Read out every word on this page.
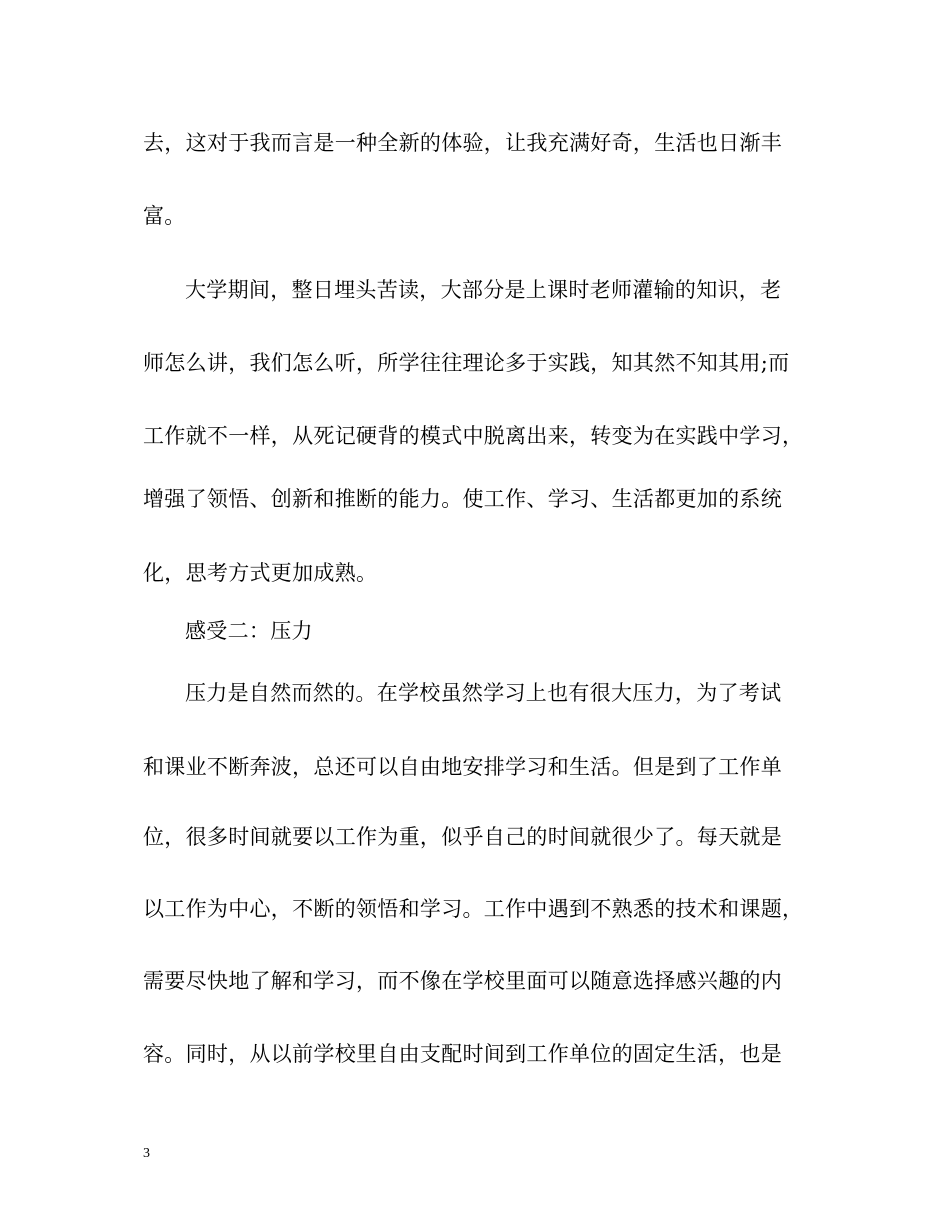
去，这对于我而言是一种全新的体验，让我充满好奇，生活也日渐丰
富。
大学期间，整日埋头苦读，大部分是上课时老师灌输的知识，老
师怎么讲，我们怎么听，所学往往理论多于实践，知其然不知其用;而
工作就不一样，从死记硬背的模式中脱离出来，转变为在实践中学习，
增强了领悟、创新和推断的能力。使工作、学习、生活都更加的系统
化，思考方式更加成熟。
感受二：压力
压力是自然而然的。在学校虽然学习上也有很大压力，为了考试
和课业不断奔波，总还可以自由地安排学习和生活。但是到了工作单
位，很多时间就要以工作为重，似乎自己的时间就很少了。每天就是
以工作为中心，不断的领悟和学习。工作中遇到不熟悉的技术和课题，
需要尽快地了解和学习，而不像在学校里面可以随意选择感兴趣的内
容。同时，从以前学校里自由支配时间到工作单位的固定生活，也是
3
